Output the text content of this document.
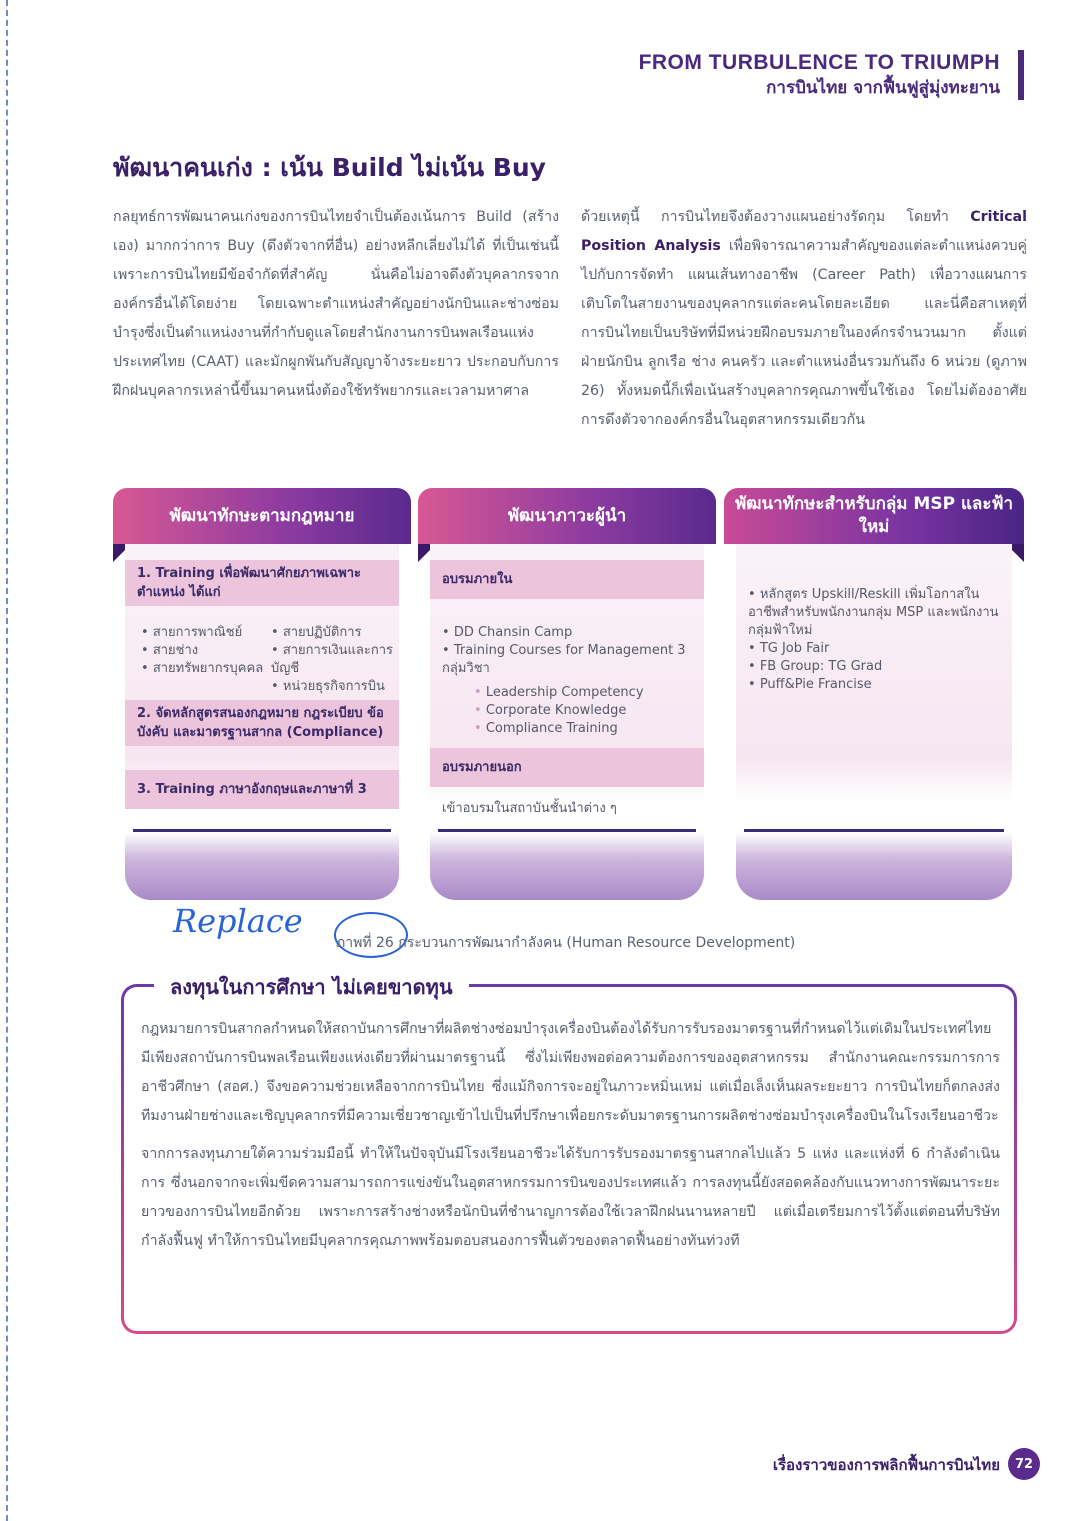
FROM TURBULENCE TO TRIUMPH
การบินไทย จากฟื้นฟูสู่มุ่งทะยาน
พัฒนาคนเก่ง : เน้น Build ไม่เน้น Buy
กลยุทธ์การพัฒนาคนเก่งของการบินไทยจำเป็นต้องเน้นการ Build (สร้างเอง) มากกว่าการ Buy (ดึงตัวจากที่อื่น) อย่างหลีกเลี่ยงไม่ได้ ที่เป็นเช่นนี้เพราะการบินไทยมีข้อจำกัดที่สำคัญ นั่นคือไม่อาจดึงตัวบุคลากรจากองค์กรอื่นได้โดยง่าย โดยเฉพาะตำแหน่งสำคัญอย่างนักบินและช่างซ่อมบำรุงซึ่งเป็นตำแหน่งงานที่กำกับดูแลโดยสำนักงานการบินพลเรือนแห่งประเทศไทย (CAAT) และมักผูกพันกับสัญญาจ้างระยะยาว ประกอบกับการฝึกฝนบุคลากรเหล่านี้ขึ้นมาคนหนึ่งต้องใช้ทรัพยากรและเวลามหาศาล
ด้วยเหตุนี้ การบินไทยจึงต้องวางแผนอย่างรัดกุม โดยทำ Critical Position Analysis เพื่อพิจารณาความสำคัญของแต่ละตำแหน่งควบคู่ไปกับการจัดทำ แผนเส้นทางอาชีพ (Career Path) เพื่อวางแผนการเติบโตในสายงานของบุคลากรแต่ละคนโดยละเอียด และนี่คือสาเหตุที่การบินไทยเป็นบริษัทที่มีหน่วยฝึกอบรมภายในองค์กรจำนวนมาก ตั้งแต่ฝ่ายนักบิน ลูกเรือ ช่าง คนครัว และตำแหน่งอื่นรวมกันถึง 6 หน่วย (ดูภาพ 26) ทั้งหมดนี้ก็เพื่อเน้นสร้างบุคลากรคุณภาพขึ้นใช้เอง โดยไม่ต้องอาศัยการดึงตัวจากองค์กรอื่นในอุตสาหกรรมเดียวกัน
1. Training เพื่อพัฒนาศักยภาพเฉพาะตำแหน่ง ได้แก่
• สายการพาณิชย์
• สายช่าง
• สายทรัพยากรบุคคล
• สายปฏิบัติการ
• สายการเงินและการบัญชี
• หน่วยธุรกิจการบิน
2. จัดหลักสูตรสนองกฎหมาย กฎระเบียบ ข้อบังคับ และมาตรฐานสากล (Compliance)
3. Training ภาษาอังกฤษและภาษาที่ 3
พัฒนาทักษะตามกฎหมาย
อบรมภายใน
• DD Chansin Camp
• Training Courses for Management 3 กลุ่มวิชา
• Leadership Competency
• Corporate Knowledge
• Compliance Training
อบรมภายนอก
เข้าอบรมในสถาบันชั้นนำต่าง ๆ
พัฒนาภาวะผู้นำ
• หลักสูตร Upskill/Reskill เพิ่มโอกาสในอาชีพสำหรับพนักงานกลุ่ม MSP และพนักงานกลุ่มฟ้าใหม่
• TG Job Fair
• FB Group: TG Grad
• Puff&Pie Francise
พัฒนาทักษะสำหรับกลุ่ม MSP และฟ้าใหม่
Replace
ภาพที่ 26 กระบวนการพัฒนากำลังคน (Human Resource Development)
ลงทุนในการศึกษา ไม่เคยขาดทุน

กฎหมายการบินสากลกำหนดให้สถาบันการศึกษาที่ผลิตช่างซ่อมบำรุงเครื่องบินต้องได้รับการรับรองมาตรฐานที่กำหนดไว้แต่เดิมในประเทศไทยมีเพียงสถาบันการบินพลเรือนเพียงแห่งเดียวที่ผ่านมาตรฐานนี้ ซึ่งไม่เพียงพอต่อความต้องการของอุตสาหกรรม สำนักงานคณะกรรมการการอาชีวศึกษา (สอศ.) จึงขอความช่วยเหลือจากการบินไทย ซึ่งแม้กิจการจะอยู่ในภาวะหมิ่นเหม่ แต่เมื่อเล็งเห็นผลระยะยาว การบินไทยก็ตกลงส่งทีมงานฝ่ายช่างและเชิญบุคลากรที่มีความเชี่ยวชาญเข้าไปเป็นที่ปรึกษาเพื่อยกระดับมาตรฐานการผลิตช่างซ่อมบำรุงเครื่องบินในโรงเรียนอาชีวะ

จากการลงทุนภายใต้ความร่วมมือนี้ ทำให้ในปัจจุบันมีโรงเรียนอาชีวะได้รับการรับรองมาตรฐานสากลไปแล้ว 5 แห่ง และแห่งที่ 6 กำลังดำเนินการ ซึ่งนอกจากจะเพิ่มขีดความสามารถการแข่งขันในอุตสาหกรรมการบินของประเทศแล้ว การลงทุนนี้ยังสอดคล้องกับแนวทางการพัฒนาระยะยาวของการบินไทยอีกด้วย เพราะการสร้างช่างหรือนักบินที่ชำนาญการต้องใช้เวลาฝึกฝนนานหลายปี แต่เมื่อเตรียมการไว้ตั้งแต่ตอนที่บริษัทกำลังฟื้นฟู ทำให้การบินไทยมีบุคลากรคุณภาพพร้อมตอบสนองการฟื้นตัวของตลาดฟื้นอย่างทันท่วงที

เรื่องราวของการพลิกฟื้นการบินไทย	72
